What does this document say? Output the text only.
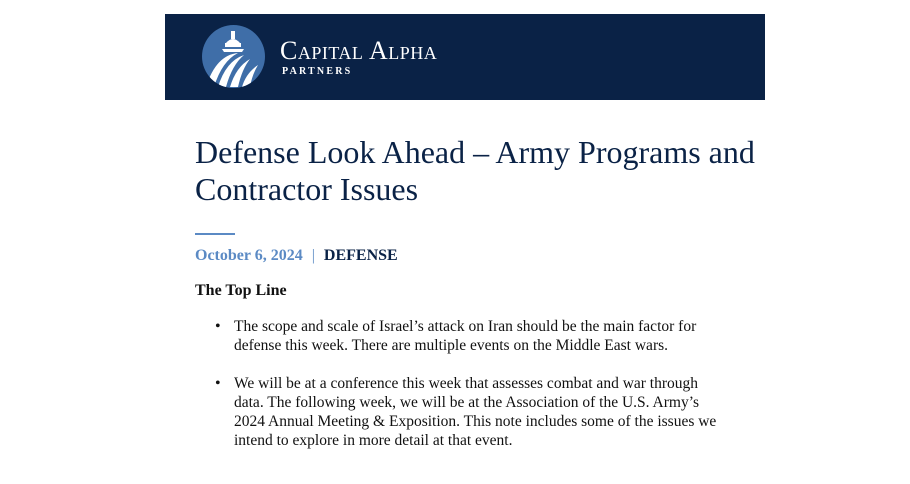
Capital Alpha
PARTNERS
Defense Look Ahead – Army Programs and Contractor Issues
October 6, 2024 | DEFENSE
The Top Line
• The scope and scale of Israel’s attack on Iran should be the main factor for defense this week. There are multiple events on the Middle East wars.
• We will be at a conference this week that assesses combat and war through data. The following week, we will be at the Association of the U.S. Army’s 2024 Annual Meeting & Exposition. This note includes some of the issues we intend to explore in more detail at that event.
